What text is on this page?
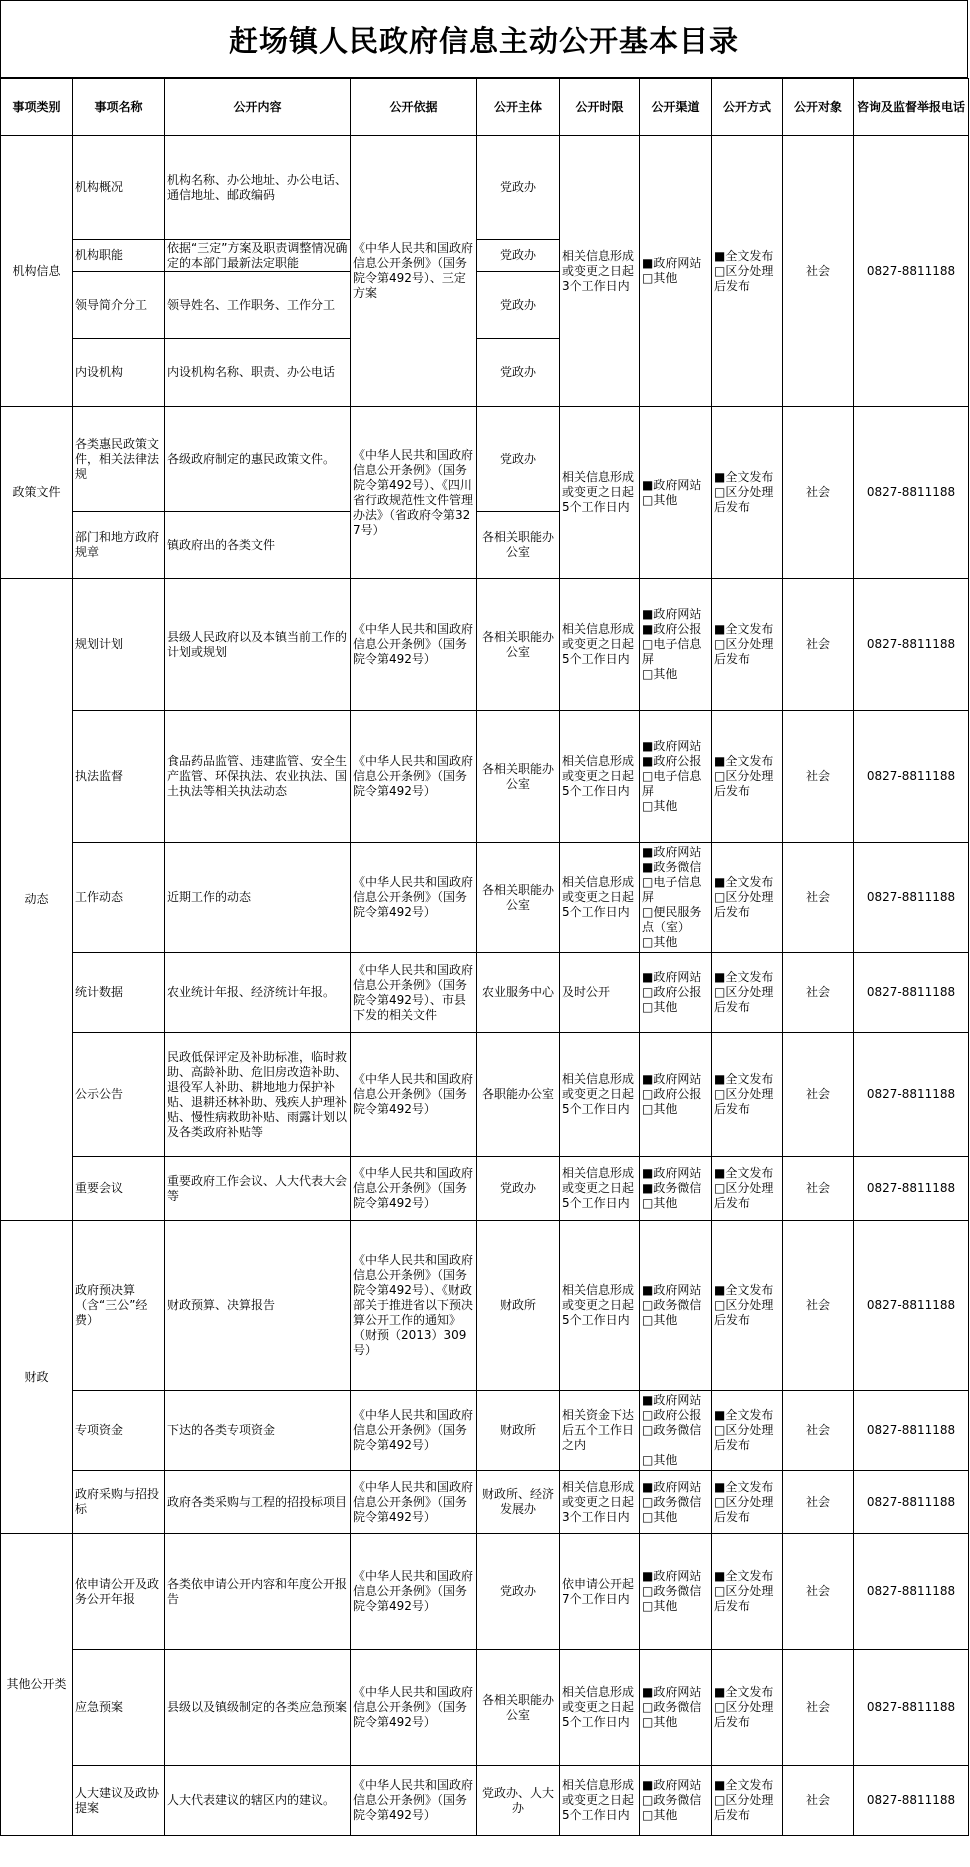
赶场镇人民政府信息主动公开基本目录
事项类别	事项名称	公开内容	公开依据	公开主体	公开时限	公开渠道	公开方式	公开对象	咨询及监督举报电话
机构信息	机构概况	机构名称、办公地址、办公电话、通信地址、邮政编码	《中华人民共和国政府信息公开条例》（国务院令第492号）、三定方案	党政办	相关信息形成或变更之日起3个工作日内	■政府网站
□其他	■全文发布
□区分处理后发布	社会	0827-8811188
	机构职能	依据“三定”方案及职责调整情况确定的本部门最新法定职能		党政办					
	领导简介分工	领导姓名、工作职务、工作分工		党政办					
	内设机构	内设机构名称、职责、办公电话		党政办					
政策文件	各类惠民政策文件，相关法律法规	各级政府制定的惠民政策文件。	《中华人民共和国政府信息公开条例》（国务院令第492号）、《四川省行政规范性文件管理办法》（省政府令第327号）	党政办	相关信息形成或变更之日起5个工作日内	■政府网站
□其他	■全文发布
□区分处理后发布	社会	0827-8811188
	部门和地方政府规章	镇政府出的各类文件		各相关职能办公室					
动态	规划计划	县级人民政府以及本镇当前工作的计划或规划	《中华人民共和国政府信息公开条例》（国务院令第492号）	各相关职能办公室	相关信息形成或变更之日起5个工作日内	■政府网站
■政府公报
□电子信息屏
□其他	■全文发布
□区分处理后发布	社会	0827-8811188
	执法监督	食品药品监管、违建监管、安全生产监管、环保执法、农业执法、国土执法等相关执法动态	《中华人民共和国政府信息公开条例》（国务院令第492号）	各相关职能办公室	相关信息形成或变更之日起5个工作日内	■政府网站
■政府公报
□电子信息屏
□其他	■全文发布
□区分处理后发布	社会	0827-8811188
	工作动态	近期工作的动态	《中华人民共和国政府信息公开条例》（国务院令第492号）	各相关职能办公室	相关信息形成或变更之日起5个工作日内	■政府网站
■政务微信
□电子信息屏
□便民服务点（室）
□其他	■全文发布
□区分处理后发布	社会	0827-8811188
	统计数据	农业统计年报、经济统计年报。	《中华人民共和国政府信息公开条例》（国务院令第492号）、市县下发的相关文件	农业服务中心	及时公开	■政府网站
□政府公报
□其他	■全文发布
□区分处理后发布	社会	0827-8811188
	公示公告	民政低保评定及补助标准，临时救助、高龄补助、危旧房改造补助、退役军人补助、耕地地力保护补贴、退耕还林补助、残疾人护理补贴、慢性病救助补贴、雨露计划以及各类政府补贴等	《中华人民共和国政府信息公开条例》（国务院令第492号）	各职能办公室	相关信息形成或变更之日起5个工作日内	■政府网站
□政府公报
□其他	■全文发布
□区分处理后发布	社会	0827-8811188
	重要会议	重要政府工作会议、人大代表大会等	《中华人民共和国政府信息公开条例》（国务院令第492号）	党政办	相关信息形成或变更之日起5个工作日内	■政府网站
■政务微信
□其他	■全文发布
□区分处理后发布	社会	0827-8811188
财政	政府预决算（含“三公”经费）	财政预算、决算报告	《中华人民共和国政府信息公开条例》（国务院令第492号）、《财政部关于推进省以下预决算公开工作的通知》（财预（2013）309号）	财政所	相关信息形成或变更之日起5个工作日内	■政府网站
□政务微信
□其他	■全文发布
□区分处理后发布	社会	0827-8811188
	专项资金	下达的各类专项资金	《中华人民共和国政府信息公开条例》（国务院令第492号）	财政所	相关资金下达后五个工作日之内	■政府网站
□政府公报
□政务微信

□其他	■全文发布
□区分处理后发布	社会	0827-8811188
	政府采购与招投标	政府各类采购与工程的招投标项目	《中华人民共和国政府信息公开条例》（国务院令第492号）	财政所、经济发展办	相关信息形成或变更之日起3个工作日内	■政府网站
□政务微信
□其他	■全文发布
□区分处理后发布	社会	0827-8811188
其他公开类	依申请公开及政务公开年报	各类依申请公开内容和年度公开报告	《中华人民共和国政府信息公开条例》（国务院令第492号）	党政办	依申请公开起7个工作日内	■政府网站
□政务微信
□其他	■全文发布
□区分处理后发布	社会	0827-8811188
	应急预案	县级以及镇级制定的各类应急预案	《中华人民共和国政府信息公开条例》（国务院令第492号）	各相关职能办公室	相关信息形成或变更之日起5个工作日内	■政府网站
□政务微信
□其他	■全文发布
□区分处理后发布	社会	0827-8811188
	人大建议及政协提案	人大代表建议的辖区内的建议。	《中华人民共和国政府信息公开条例》（国务院令第492号）	党政办、人大办	相关信息形成或变更之日起5个工作日内	■政府网站
□政务微信
□其他	■全文发布
□区分处理后发布	社会	0827-8811188
